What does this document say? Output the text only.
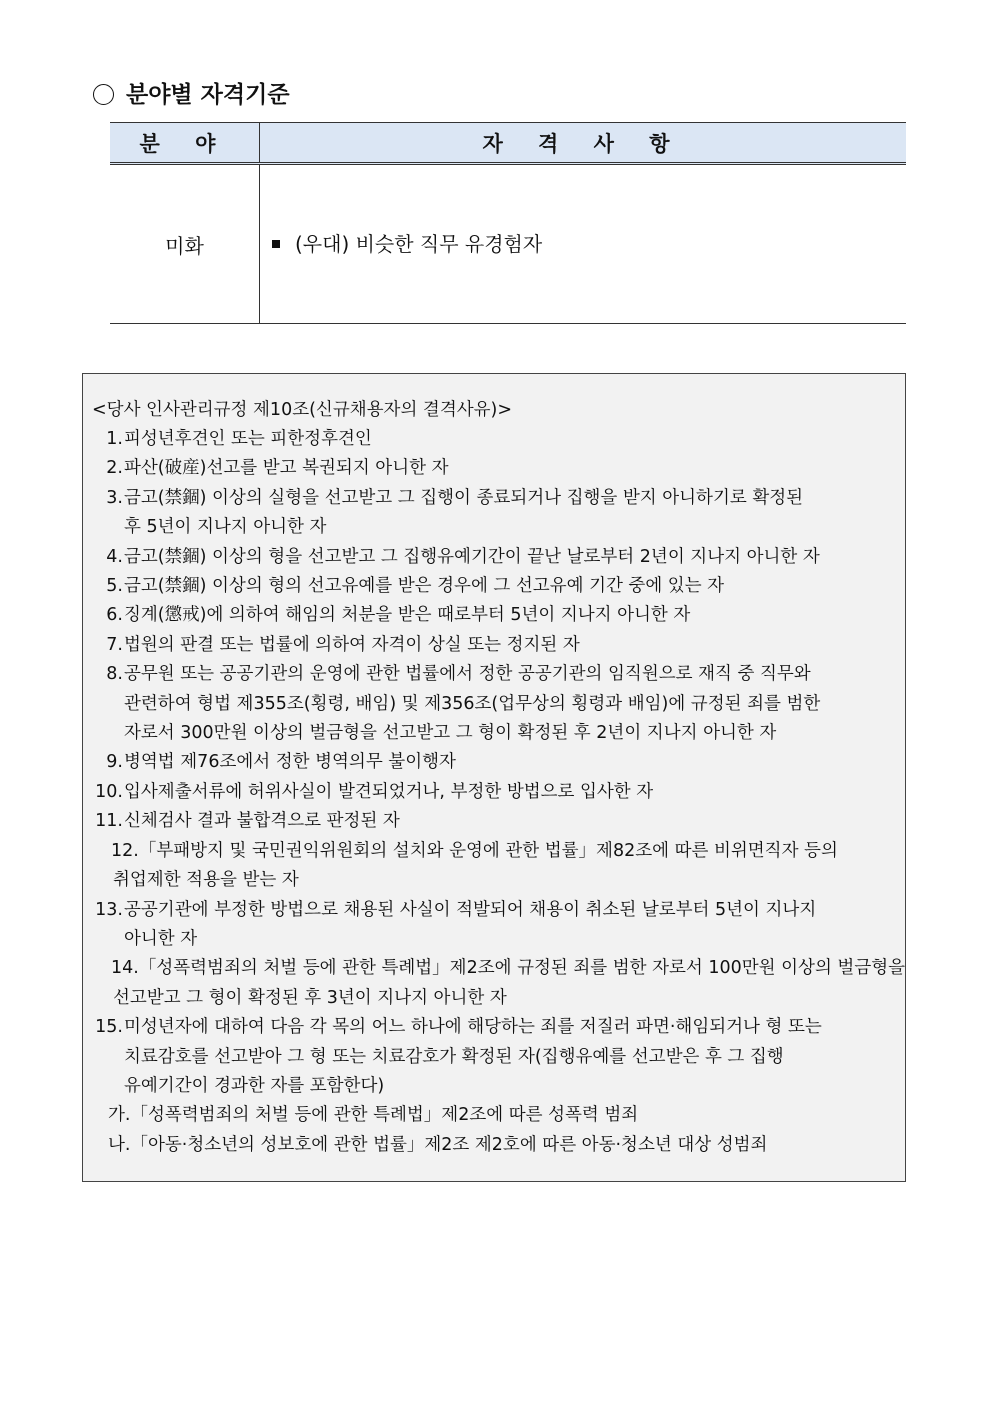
분야별 자격기준
분 야	자 격 사 항
미화	(우대) 비슷한 직무 유경험자
<당사 인사관리규정 제10조(신규채용자의 결격사유)>
1. 피성년후견인 또는 피한정후견인
2. 파산(破産)선고를 받고 복권되지 아니한 자
3. 금고(禁錮) 이상의 실형을 선고받고 그 집행이 종료되거나 집행을 받지 아니하기로 확정된
후 5년이 지나지 아니한 자
4. 금고(禁錮) 이상의 형을 선고받고 그 집행유예기간이 끝난 날로부터 2년이 지나지 아니한 자
5. 금고(禁錮) 이상의 형의 선고유예를 받은 경우에 그 선고유예 기간 중에 있는 자
6. 징계(懲戒)에 의하여 해임의 처분을 받은 때로부터 5년이 지나지 아니한 자
7. 법원의 판결 또는 법률에 의하여 자격이 상실 또는 정지된 자
8. 공무원 또는 공공기관의 운영에 관한 법률에서 정한 공공기관의 임직원으로 재직 중 직무와
관련하여 형법 제355조(횡령, 배임) 및 제356조(업무상의 횡령과 배임)에 규정된 죄를 범한
자로서 300만원 이상의 벌금형을 선고받고 그 형이 확정된 후 2년이 지나지 아니한 자
9. 병역법 제76조에서 정한 병역의무 불이행자
10. 입사제출서류에 허위사실이 발견되었거나, 부정한 방법으로 입사한 자
11. 신체검사 결과 불합격으로 판정된 자
12.「부패방지 및 국민권익위원회의 설치와 운영에 관한 법률」제82조에 따른 비위면직자 등의
취업제한 적용을 받는 자
13. 공공기관에 부정한 방법으로 채용된 사실이 적발되어 채용이 취소된 날로부터 5년이 지나지
아니한 자
14.「성폭력범죄의 처벌 등에 관한 특례법」제2조에 규정된 죄를 범한 자로서 100만원 이상의 벌금형을
선고받고 그 형이 확정된 후 3년이 지나지 아니한 자
15. 미성년자에 대하여 다음 각 목의 어느 하나에 해당하는 죄를 저질러 파면·해임되거나 형 또는
치료감호를 선고받아 그 형 또는 치료감호가 확정된 자(집행유예를 선고받은 후 그 집행
유예기간이 경과한 자를 포함한다)
가.「성폭력범죄의 처벌 등에 관한 특례법」제2조에 따른 성폭력 범죄
나.「아동·청소년의 성보호에 관한 법률」제2조 제2호에 따른 아동·청소년 대상 성범죄
